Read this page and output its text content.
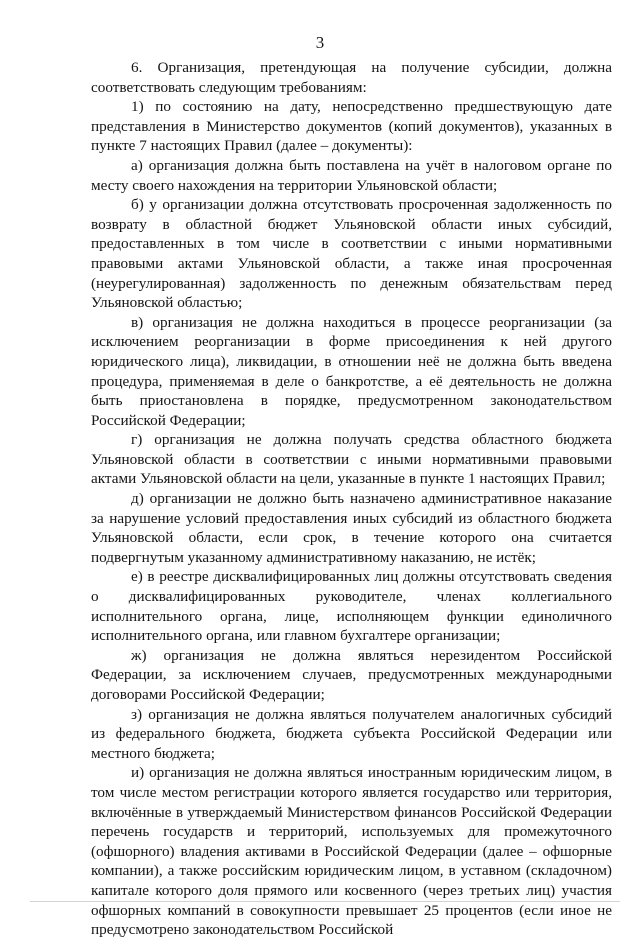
3

6. Организация, претендующая на получение субсидии, должна соответствовать следующим требованиям:

1) по состоянию на дату, непосредственно предшествующую дате представления в Министерство документов (копий документов), указанных в пункте 7 настоящих Правил (далее – документы):

а) организация должна быть поставлена на учёт в налоговом органе по месту своего нахождения на территории Ульяновской области;

б) у организации должна отсутствовать просроченная задолженность по возврату в областной бюджет Ульяновской области иных субсидий, предоставленных в том числе в соответствии с иными нормативными правовыми актами Ульяновской области, а также иная просроченная (неурегулированная) задолженность по денежным обязательствам перед Ульяновской областью;

в) организация не должна находиться в процессе реорганизации (за исключением реорганизации в форме присоединения к ней другого юридического лица), ликвидации, в отношении неё не должна быть введена процедура, применяемая в деле о банкротстве, а её деятельность не должна быть приостановлена в порядке, предусмотренном законодательством Российской Федерации;

г) организация не должна получать средства областного бюджета Ульяновской области в соответствии с иными нормативными правовыми актами Ульяновской области на цели, указанные в пункте 1 настоящих Правил;

д) организации не должно быть назначено административное наказание за нарушение условий предоставления иных субсидий из областного бюджета Ульяновской области, если срок, в течение которого она считается подвергнутым указанному административному наказанию, не истёк;

е) в реестре дисквалифицированных лиц должны отсутствовать сведения о дисквалифицированных руководителе, членах коллегиального исполнительного органа, лице, исполняющем функции единоличного исполнительного органа, или главном бухгалтере организации;

ж) организация не должна являться нерезидентом Российской Федерации, за исключением случаев, предусмотренных международными договорами Российской Федерации;

з) организация не должна являться получателем аналогичных субсидий из федерального бюджета, бюджета субъекта Российской Федерации или местного бюджета;

и) организация не должна являться иностранным юридическим лицом, в том числе местом регистрации которого является государство или территория, включённые в утверждаемый Министерством финансов Российской Федерации перечень государств и территорий, используемых для промежуточного (офшорного) владения активами в Российской Федерации (далее – офшорные компании), а также российским юридическим лицом, в уставном (складочном) капитале которого доля прямого или косвенного (через третьих лиц) участия офшорных компаний в совокупности превышает 25 процентов (если иное не предусмотрено законодательством Российской
